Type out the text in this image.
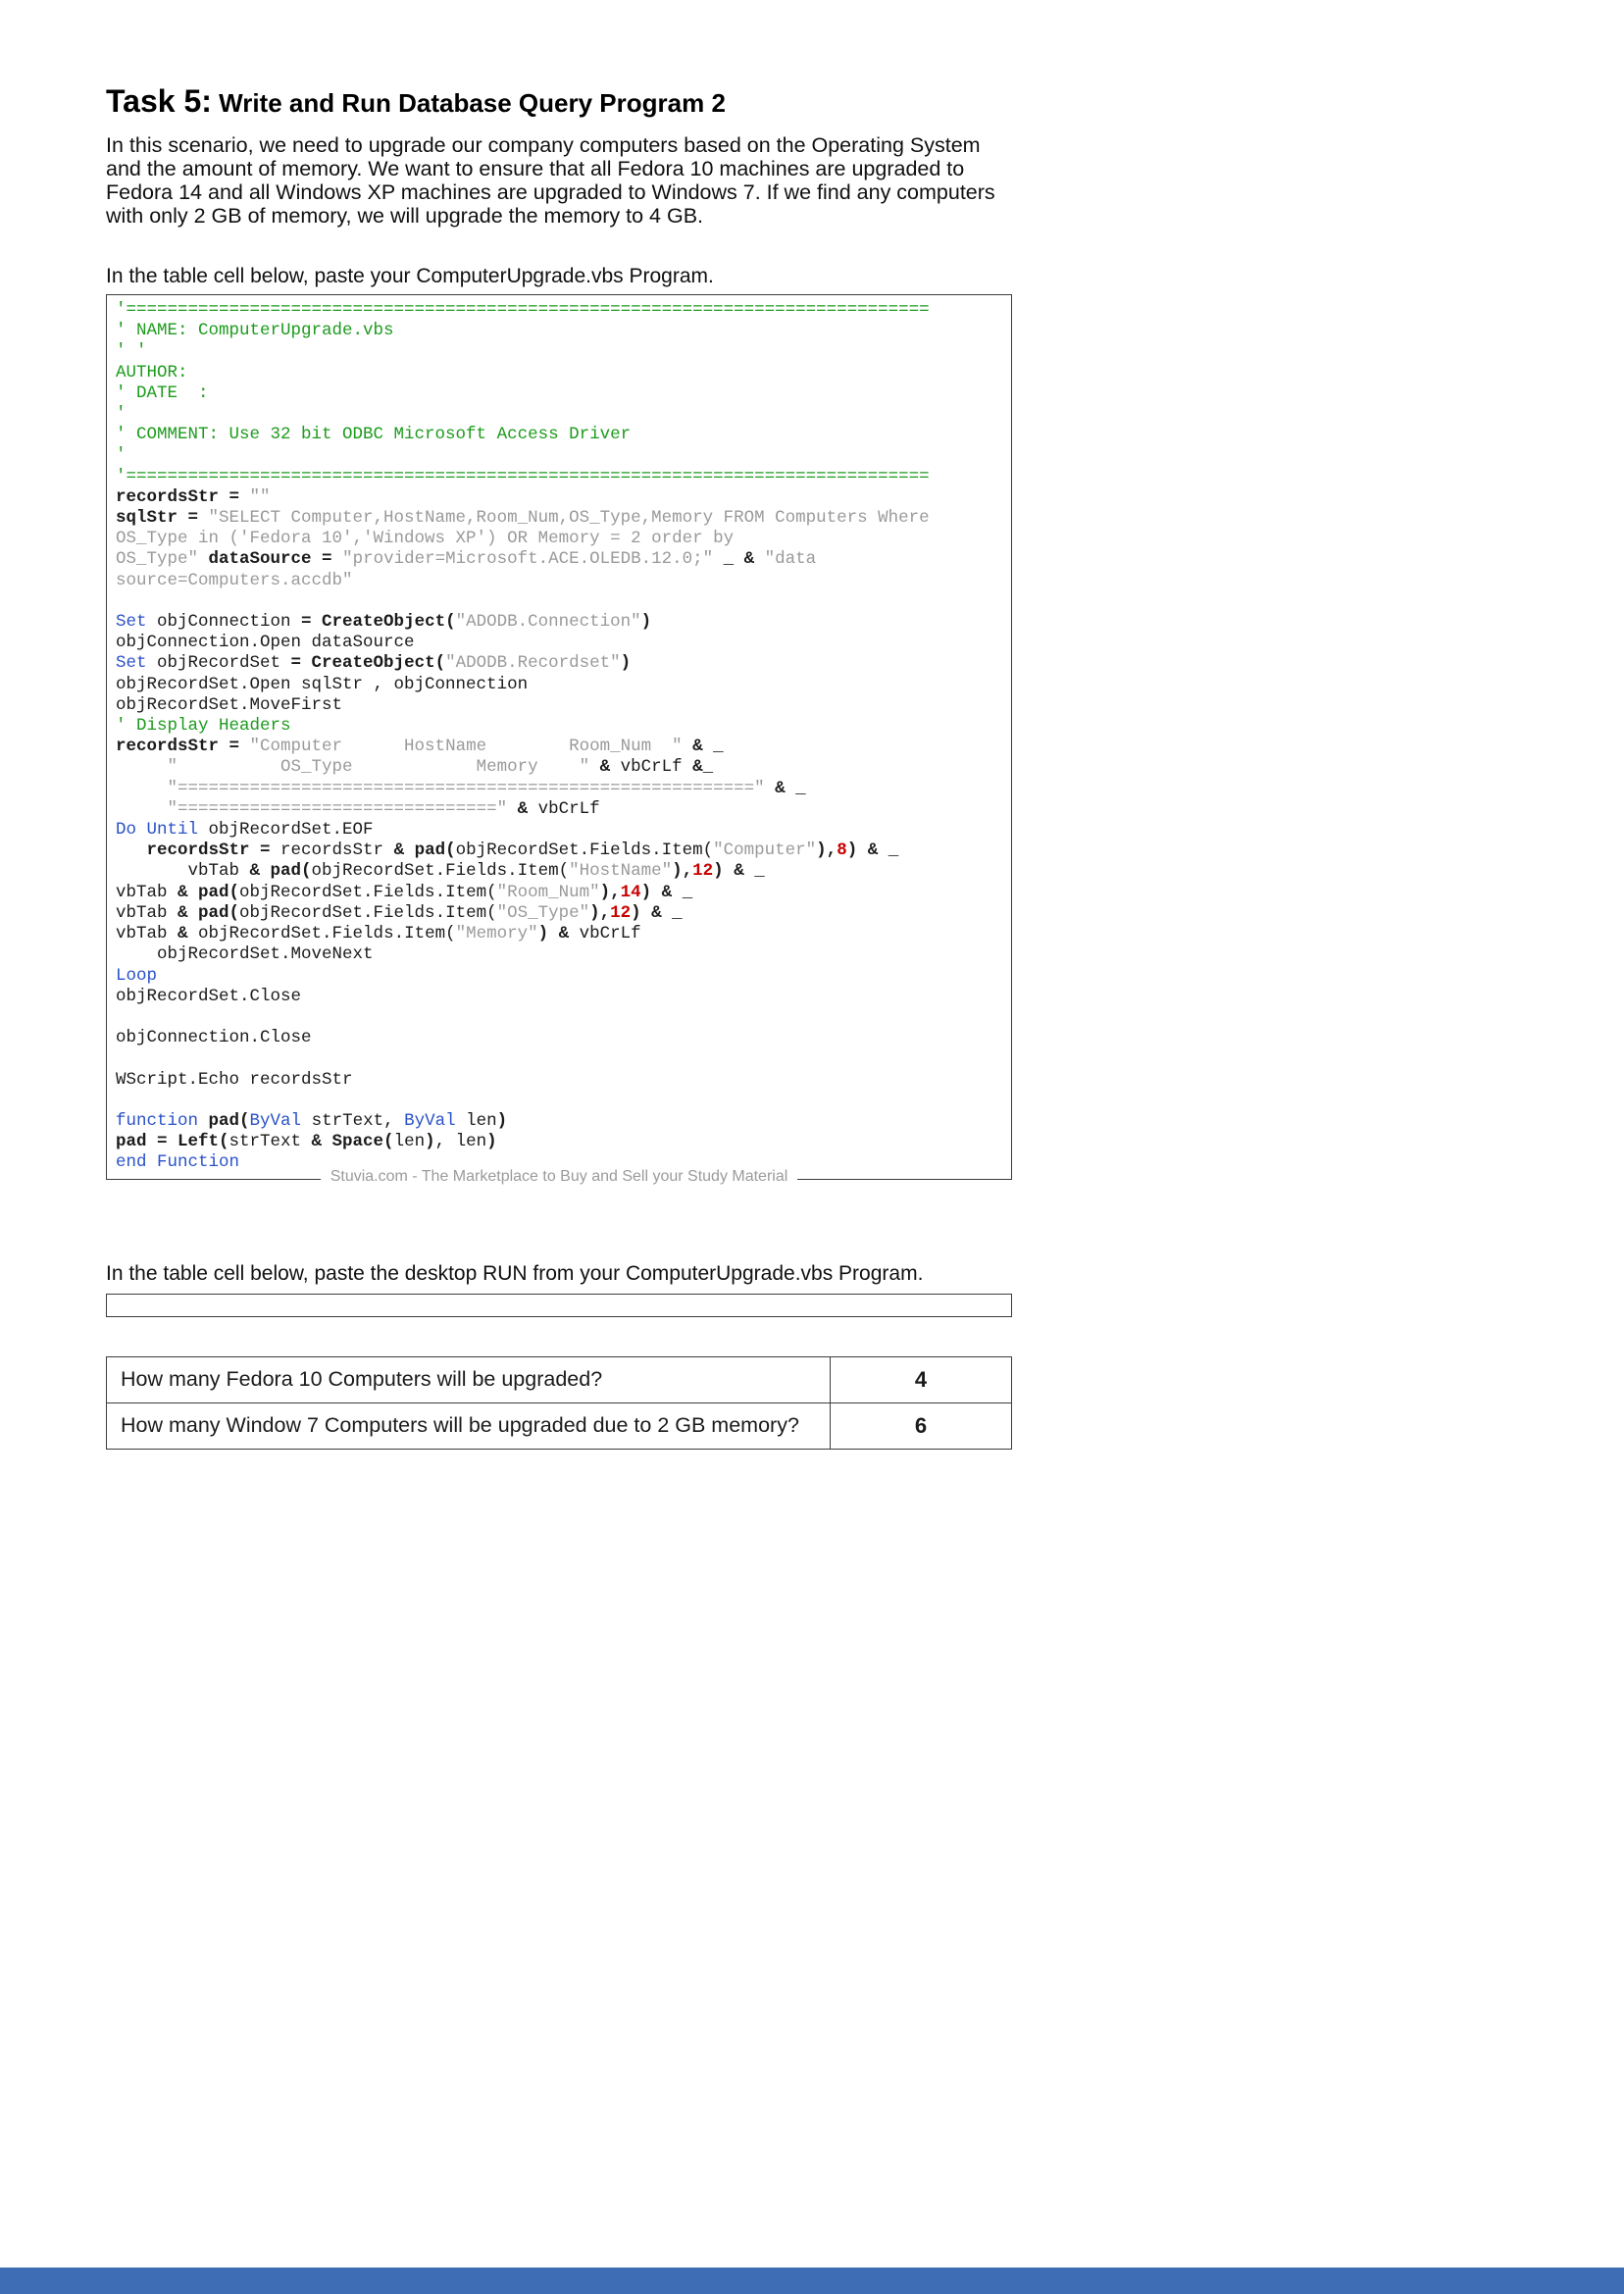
Task 5: Write and Run Database Query Program 2

In this scenario, we need to upgrade our company computers based on the Operating System and the amount of memory. We want to ensure that all Fedora 10 machines are upgraded to Fedora 14 and all Windows XP machines are upgraded to Windows 7. If we find any computers with only 2 GB of memory, we will upgrade the memory to 4 GB.

In the table cell below, paste your ComputerUpgrade.vbs Program.

'==============================================================================
' NAME: ComputerUpgrade.vbs
' '
AUTHOR:
' DATE  :
'
' COMMENT: Use 32 bit ODBC Microsoft Access Driver
'
'==============================================================================
recordsStr = ""
sqlStr = "SELECT Computer,HostName,Room_Num,OS_Type,Memory FROM Computers Where
OS_Type in ('Fedora 10','Windows XP') OR Memory = 2 order by
OS_Type" dataSource = "provider=Microsoft.ACE.OLEDB.12.0;" _ & "data
source=Computers.accdb"

Set objConnection = CreateObject("ADODB.Connection")
objConnection.Open dataSource
Set objRecordSet = CreateObject("ADODB.Recordset")
objRecordSet.Open sqlStr , objConnection
objRecordSet.MoveFirst
' Display Headers
recordsStr = "Computer      HostName        Room_Num  " & _
"          OS_Type            Memory    " & vbCrLf &_
"========================================================" & _
"===============================" & vbCrLf
Do Until objRecordSet.EOF
recordsStr = recordsStr & pad(objRecordSet.Fields.Item("Computer"),8) & _
vbTab & pad(objRecordSet.Fields.Item("HostName"),12) & _
vbTab & pad(objRecordSet.Fields.Item("Room_Num"),14) & _
vbTab & pad(objRecordSet.Fields.Item("OS_Type"),12) & _
vbTab & objRecordSet.Fields.Item("Memory") & vbCrLf
objRecordSet.MoveNext
Loop
objRecordSet.Close

objConnection.Close

WScript.Echo recordsStr

function pad(ByVal strText, ByVal len)
pad = Left(strText & Space(len), len)
end Function
Stuvia.com - The Marketplace to Buy and Sell your Study Material

In the table cell below, paste the desktop RUN from your ComputerUpgrade.vbs Program.

How many Fedora 10 Computers will be upgraded?	4
How many Window 7 Computers will be upgraded due to 2 GB memory?	6
